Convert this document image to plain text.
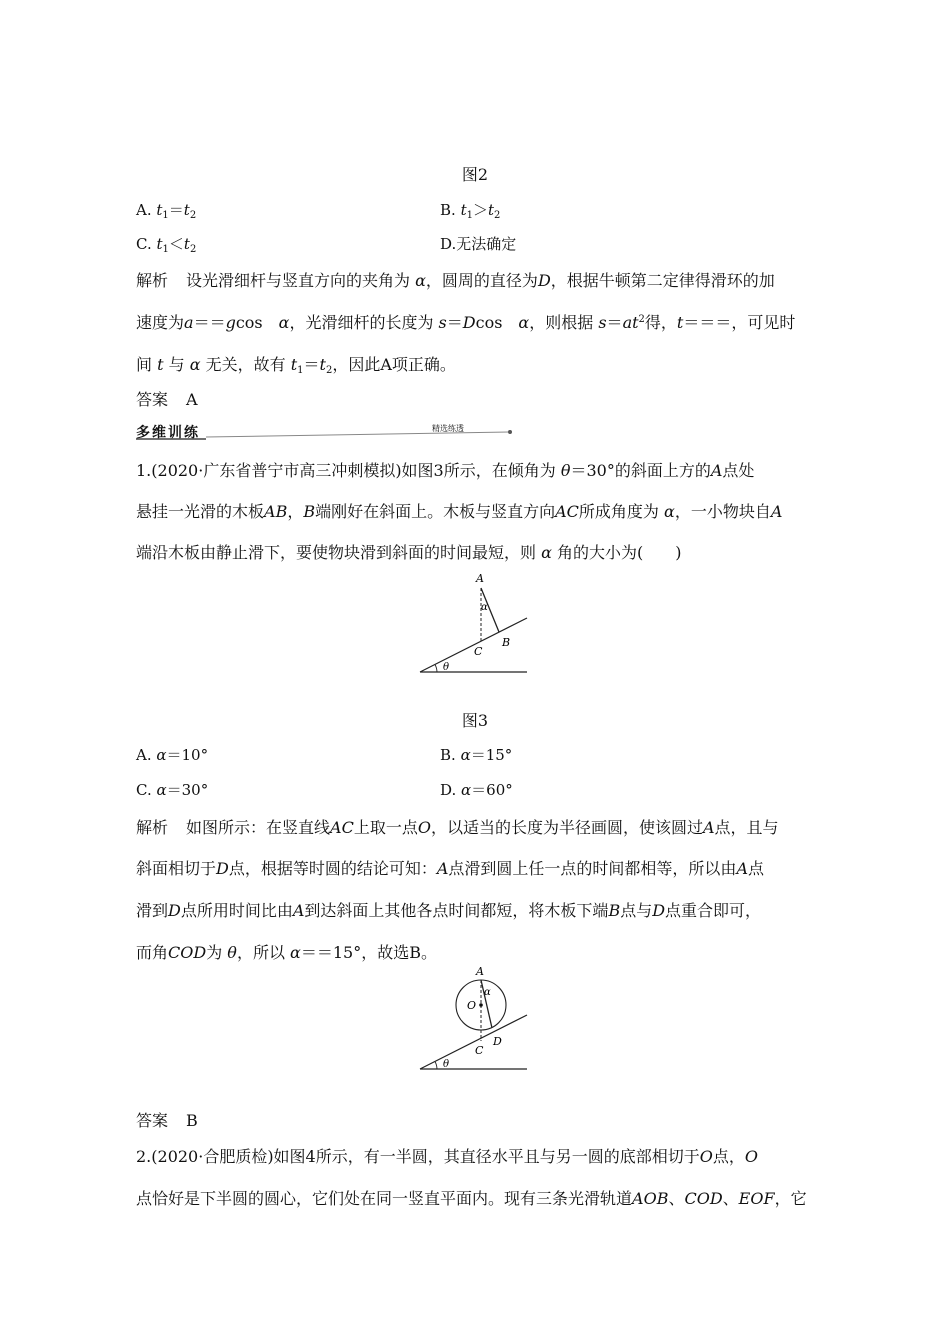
图2
A. $t_1=t_2$	B. $t_1>t_2$
C. $t_1<t_2$	D.无法确定
解析 设光滑细杆与竖直方向的夹角为 α，圆周的直径为D，根据牛顿第二定律得滑环的加
速度为a＝＝gcos　α，光滑细杆的长度为 s＝Dcos　α，则根据 $s=at^2$得，t＝＝＝，可见时
间 t 与 α 无关，故有 $t_1=t_2$，因此A项正确。
答案 A
多维训练	精选练透
1.(2020·广东省普宁市高三冲刺模拟)如图3所示，在倾角为 θ＝30°的斜面上方的A点处
悬挂一光滑的木板AB，B端刚好在斜面上。木板与竖直方向AC所成角度为 α，一小物块自A
端沿木板由静止滑下，要使物块滑到斜面的时间最短，则 α 角的大小为(　　)
A
α
B
C
θ
图3
A. α＝10°	B. α＝15°
C. α＝30°	D. α＝60°
解析 如图所示：在竖直线AC上取一点O，以适当的长度为半径画圆，使该圆过A点，且与
斜面相切于D点，根据等时圆的结论可知：A点滑到圆上任一点的时间都相等，所以由A点
滑到D点所用时间比由A到达斜面上其他各点时间都短，将木板下端B点与D点重合即可，
而角COD为 θ，所以 α＝＝15°，故选B。
A
α
O
D
C
θ
答案 B
2.(2020·合肥质检)如图4所示，有一半圆，其直径水平且与另一圆的底部相切于O点，O
点恰好是下半圆的圆心，它们处在同一竖直平面内。现有三条光滑轨道AOB、COD、EOF，它
